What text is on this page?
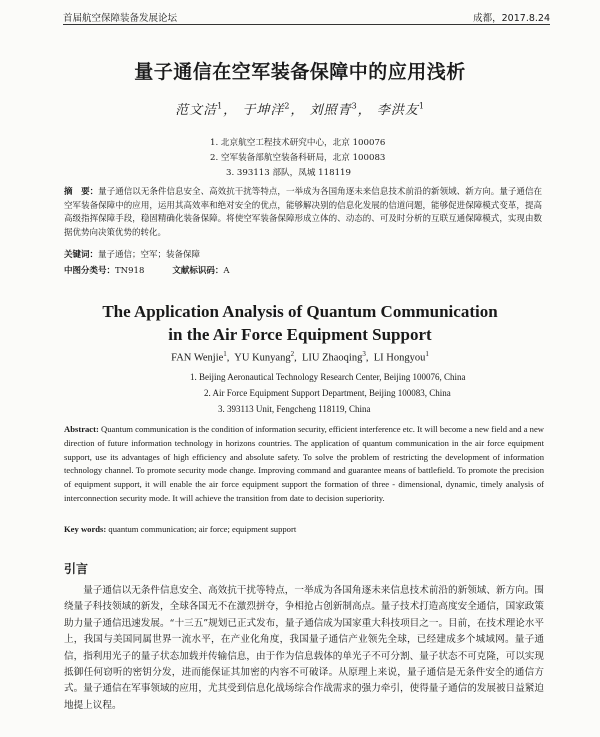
首届航空保障装备发展论坛	成都，2017.8.24
量子通信在空军装备保障中的应用浅析
范文洁$^1$， 于坤洋$^2$， 刘照青$^3$， 李洪友$^1$
1. 北京航空工程技术研究中心，北京 100076
2. 空军装备部航空装备科研局，北京 100083
3. 393113 部队，凤城 118119
摘　要：量子通信以无条件信息安全、高效抗干扰等特点，一举成为各国角逐未来信息技术前沿的新领域、新方向。量子通信在空军装备保障中的应用，运用其高效率和绝对安全的优点，能够解决别的信息化发展的信道问题，能够促进保障模式变革，提高高级指挥保障手段，稳固精确化装备保障。将使空军装备保障形成立体的、动态的、可及时分析的互联互通保障模式，实现由数据优势向决策优势的转化。
关键词：量子通信；空军；装备保障
中图分类号：TN918	文献标识码：A
The Application Analysis of Quantum Communication
in the Air Force Equipment Support
FAN Wenjie$^1$,  YU Kunyang$^2$,  LIU Zhaoqing$^3$,  LI Hongyou$^1$
1. Beijing Aeronautical Technology Research Center, Beijing 100076, China
2. Air Force Equipment Support Department, Beijing 100083, China
3. 393113 Unit, Fengcheng 118119, China
Abstract: Quantum communication is the condition of information security, efficient interference etc. It will become a new field and a new direction of future information technology in horizons countries. The application of quantum communication in the air force equipment support, use its advantages of high efficiency and absolute safety. To solve the problem of restricting the development of information technology channel. To promote security mode change. Improving command and guarantee means of battlefield. To promote the precision of equipment support, it will enable the air force equipment support the formation of three - dimensional, dynamic, timely analysis of interconnection security mode. It will achieve the transition from date to decision superiority.
Key words: quantum communication; air force; equipment support
引言
量子通信以无条件信息安全、高效抗干扰等特点，一举成为各国角逐未来信息技术前沿的新领域、新方向。围绕量子科技领域的新发，全球各国无不在激烈拼夺，争相抢占创新制高点。量子技术打造高度安全通信，国家政策助力量子通信迅速发展。“十三五”规划已正式发布，量子通信成为国家重大科技项目之一。目前，在技术理论水平上，我国与美国同属世界一流水平，在产业化角度，我国量子通信产业领先全球，已经建成多个城域网。量子通信，指利用光子的量子状态加载并传输信息，由于作为信息载体的单光子不可分割、量子状态不可克隆，可以实现抵御任何窃听的密钥分发，进而能保证其加密的内容不可破译。从原理上来说，量子通信是无条件安全的通信方式。量子通信在军事领域的应用，尤其受到信息化战场综合作战需求的强力牵引，使得量子通信的发展被日益紧迫地提上议程。
